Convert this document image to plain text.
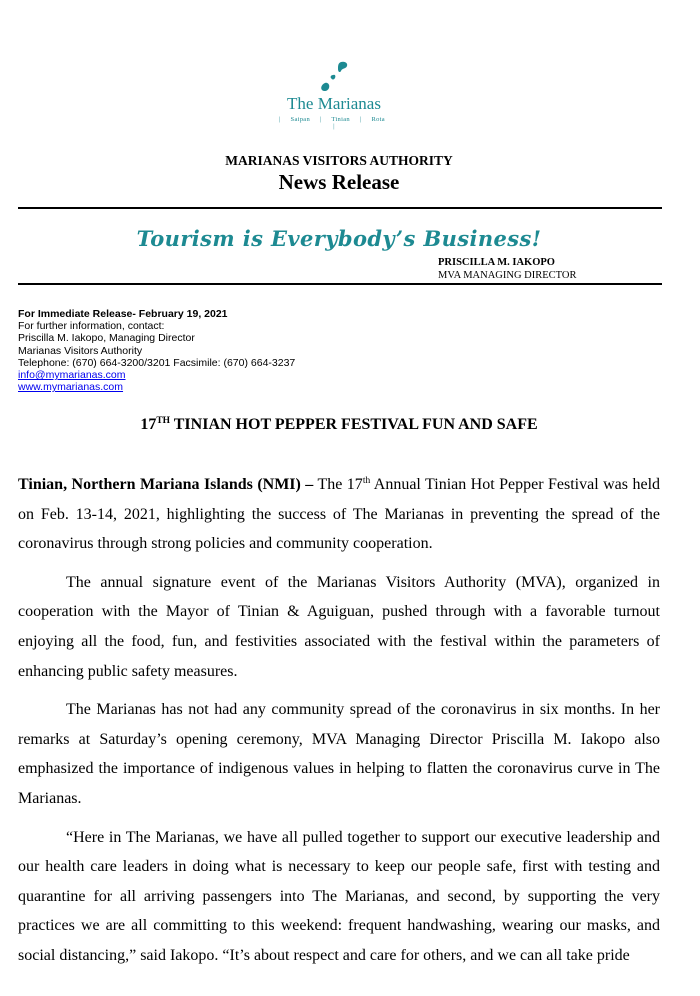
The Marianas
| Saipan | Tinian | Rota |
MARIANAS VISITORS AUTHORITY
News Release
Tourism is Everybody’s Business!
PRISCILLA M. IAKOPO
MVA MANAGING DIRECTOR
For Immediate Release- February 19, 2021
For further information, contact:
Priscilla M. Iakopo, Managing Director
Marianas Visitors Authority
Telephone: (670) 664-3200/3201 Facsimile: (670) 664-3237
info@mymarianas.com
www.mymarianas.com
17TH TINIAN HOT PEPPER FESTIVAL FUN AND SAFE

Tinian, Northern Mariana Islands (NMI) – The 17th Annual Tinian Hot Pepper Festival was held on Feb. 13-14, 2021, highlighting the success of The Marianas in preventing the spread of the coronavirus through strong policies and community cooperation.

The annual signature event of the Marianas Visitors Authority (MVA), organized in cooperation with the Mayor of Tinian & Aguiguan, pushed through with a favorable turnout enjoying all the food, fun, and festivities associated with the festival within the parameters of enhancing public safety measures.

The Marianas has not had any community spread of the coronavirus in six months. In her remarks at Saturday’s opening ceremony, MVA Managing Director Priscilla M. Iakopo also emphasized the importance of indigenous values in helping to flatten the coronavirus curve in The Marianas.

“Here in The Marianas, we have all pulled together to support our executive leadership and our health care leaders in doing what is necessary to keep our people safe, first with testing and quarantine for all arriving passengers into The Marianas, and second, by supporting the very practices we are all committing to this weekend: frequent handwashing, wearing our masks, and social distancing,” said Iakopo. “It’s about respect and care for others, and we can all take pride
